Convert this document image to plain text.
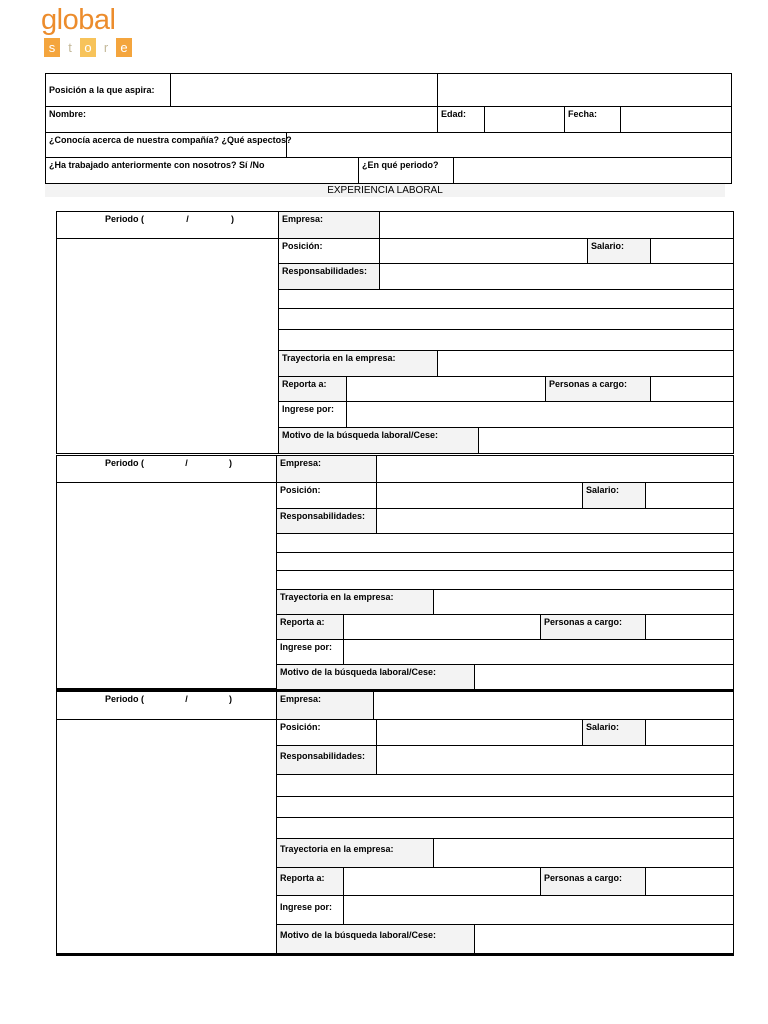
global
s t o r e
Posición a la que aspira:
Nombre:	Edad:	Fecha:
¿Conocía acerca de nuestra compañía? ¿Qué aspectos?
¿Ha trabajado anteriormente con nosotros? Sí /No	¿En qué periodo?
EXPERIENCIA LABORAL
Periodo (	/	)	Empresa:
Posición:	Salario:
Responsabilidades:
Trayectoria en la empresa:
Reporta a:	Personas a cargo:
Ingrese por:
Motivo de la búsqueda laboral/Cese:
Periodo (	/	)	Empresa:
Posición:	Salario:
Responsabilidades:
Trayectoria en la empresa:
Reporta a:	Personas a cargo:
Ingrese por:
Motivo de la búsqueda laboral/Cese:
Periodo (	/	)	Empresa:
Posición:	Salario:
Responsabilidades:
Trayectoria en la empresa:
Reporta a:	Personas a cargo:
Ingrese por:
Motivo de la búsqueda laboral/Cese:
